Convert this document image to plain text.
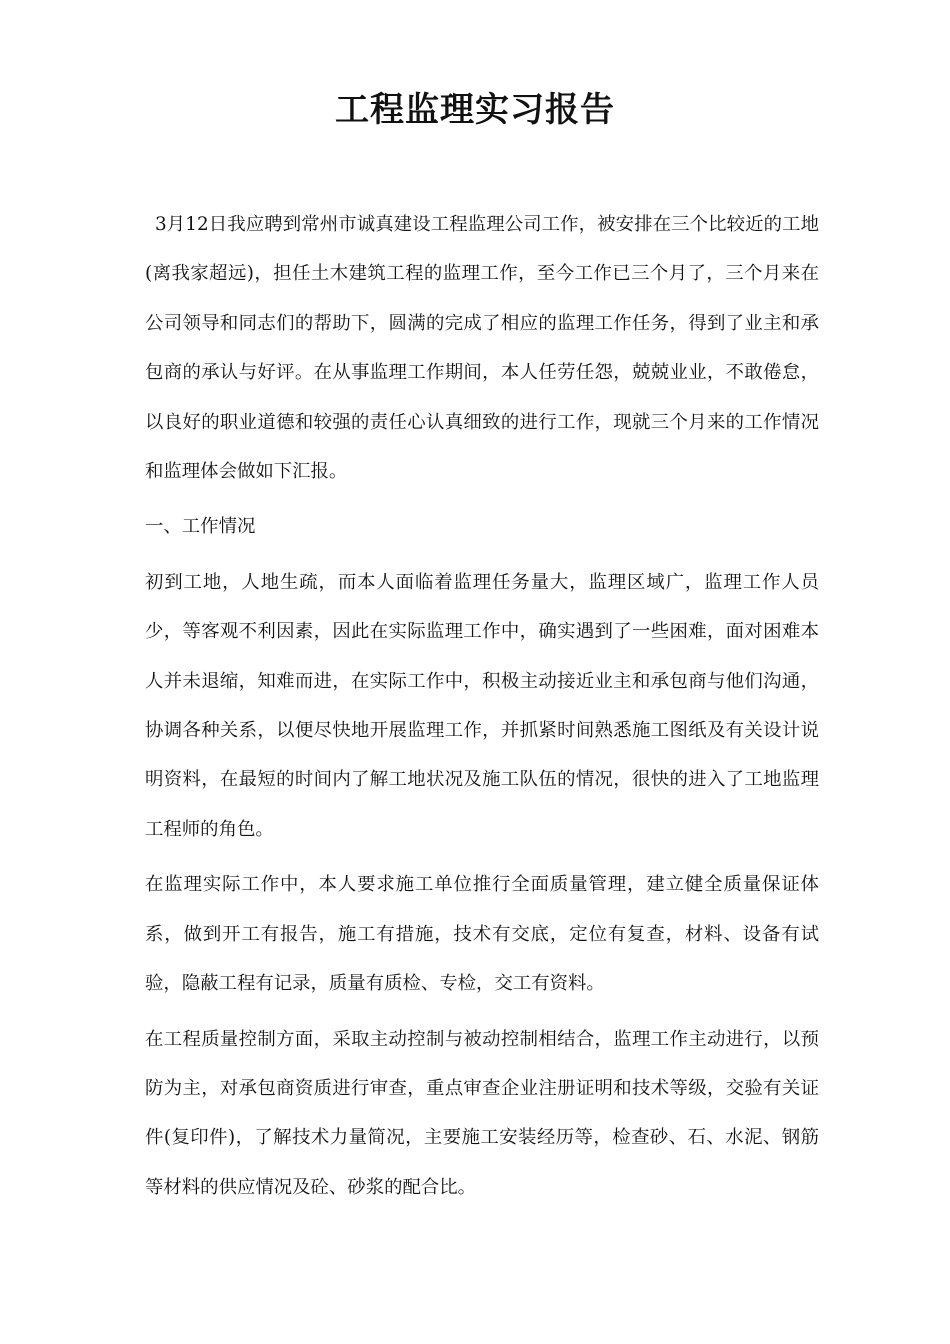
工程监理实习报告

3月12日我应聘到常州市诚真建设工程监理公司工作，被安排在三个比较近的工地(离我家超远)，担任土木建筑工程的监理工作，至今工作已三个月了，三个月来在公司领导和同志们的帮助下，圆满的完成了相应的监理工作任务，得到了业主和承包商的承认与好评。在从事监理工作期间，本人任劳任怨，兢兢业业，不敢倦怠，以良好的职业道德和较强的责任心认真细致的进行工作，现就三个月来的工作情况和监理体会做如下汇报。

一、工作情况

初到工地，人地生疏，而本人面临着监理任务量大，监理区域广，监理工作人员少，等客观不利因素，因此在实际监理工作中，确实遇到了一些困难，面对困难本人并未退缩，知难而进，在实际工作中，积极主动接近业主和承包商与他们沟通，协调各种关系，以便尽快地开展监理工作，并抓紧时间熟悉施工图纸及有关设计说明资料，在最短的时间内了解工地状况及施工队伍的情况，很快的进入了工地监理工程师的角色。

在监理实际工作中，本人要求施工单位推行全面质量管理，建立健全质量保证体系，做到开工有报告，施工有措施，技术有交底，定位有复查，材料、设备有试验，隐蔽工程有记录，质量有质检、专检，交工有资料。

在工程质量控制方面，采取主动控制与被动控制相结合，监理工作主动进行，以预防为主，对承包商资质进行审查，重点审查企业注册证明和技术等级，交验有关证件(复印件)，了解技术力量简况，主要施工安装经历等，检查砂、石、水泥、钢筋等材料的供应情况及砼、砂浆的配合比。
